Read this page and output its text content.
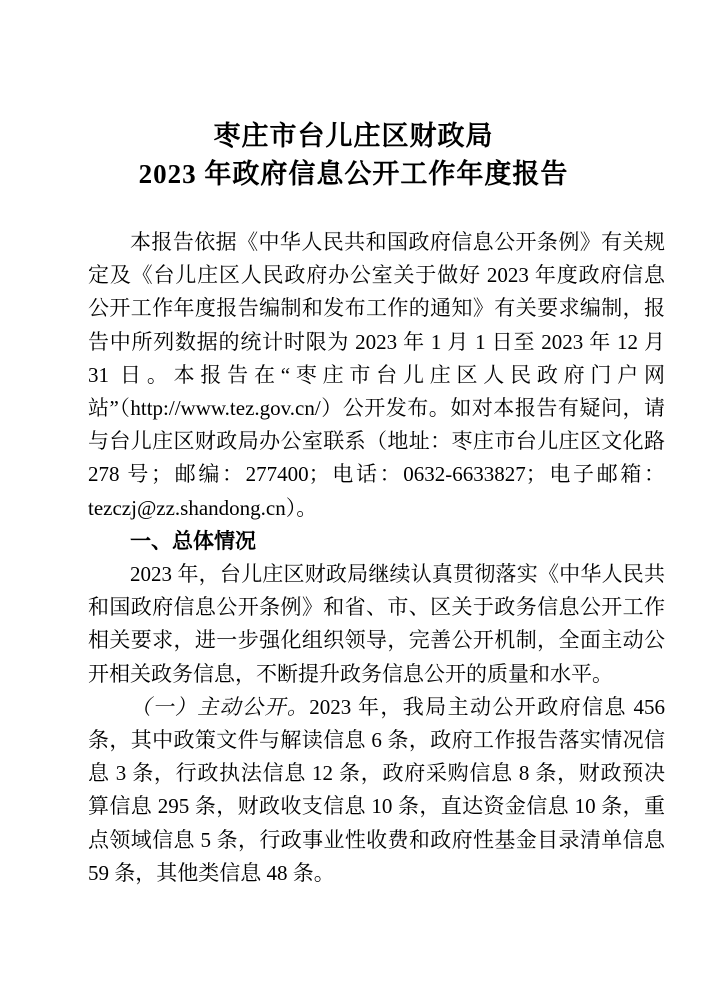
枣庄市台儿庄区财政局
2023 年政府信息公开工作年度报告

本报告依据《中华人民共和国政府信息公开条例》有关规定及《台儿庄区人民政府办公室关于做好 2023 年度政府信息公开工作年度报告编制和发布工作的通知》有关要求编制，报告中所列数据的统计时限为 2023 年 1 月 1 日至 2023 年 12 月 31 日。本报告在“枣庄市台儿庄区人民政府门户网站”（http://www.tez.gov.cn/）公开发布。如对本报告有疑问，请与台儿庄区财政局办公室联系（地址：枣庄市台儿庄区文化路 278 号；邮编：277400；电话：0632-6633827；电子邮箱：tezczj@zz.shandong.cn）。

一、总体情况

2023 年，台儿庄区财政局继续认真贯彻落实《中华人民共和国政府信息公开条例》和省、市、区关于政务信息公开工作相关要求，进一步强化组织领导，完善公开机制，全面主动公开相关政务信息，不断提升政务信息公开的质量和水平。

（一）主动公开。2023 年，我局主动公开政府信息 456 条，其中政策文件与解读信息 6 条，政府工作报告落实情况信息 3 条，行政执法信息 12 条，政府采购信息 8 条，财政预决算信息 295 条，财政收支信息 10 条，直达资金信息 10 条，重点领域信息 5 条，行政事业性收费和政府性基金目录清单信息 59 条，其他类信息 48 条。
